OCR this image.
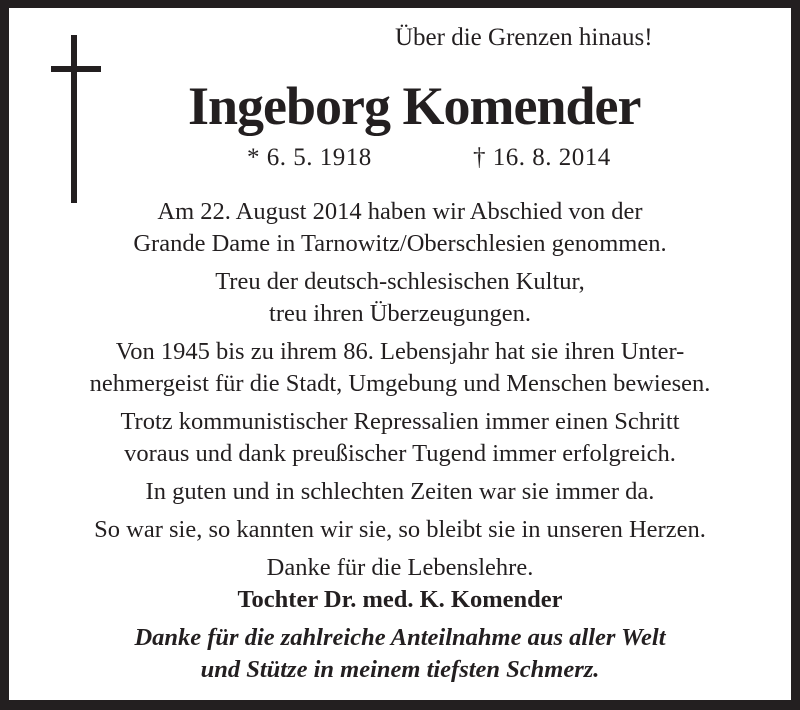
Über die Grenzen hinaus!
Ingeborg Komender
* 6. 5. 1918	† 16. 8. 2014

Am 22. August 2014 haben wir Abschied von der
Grande Dame in Tarnowitz/Oberschlesien genommen.

Treu der deutsch-schlesischen Kultur,
treu ihren Überzeugungen.

Von 1945 bis zu ihrem 86. Lebensjahr hat sie ihren Unter-
nehmergeist für die Stadt, Umgebung und Menschen bewiesen.

Trotz kommunistischer Repressalien immer einen Schritt
voraus und dank preußischer Tugend immer erfolgreich.

In guten und in schlechten Zeiten war sie immer da.

So war sie, so kannten wir sie, so bleibt sie in unseren Herzen.

Danke für die Lebenslehre.

Tochter Dr. med. K. Komender

Danke für die zahlreiche Anteilnahme aus aller Welt
und Stütze in meinem tiefsten Schmerz.
